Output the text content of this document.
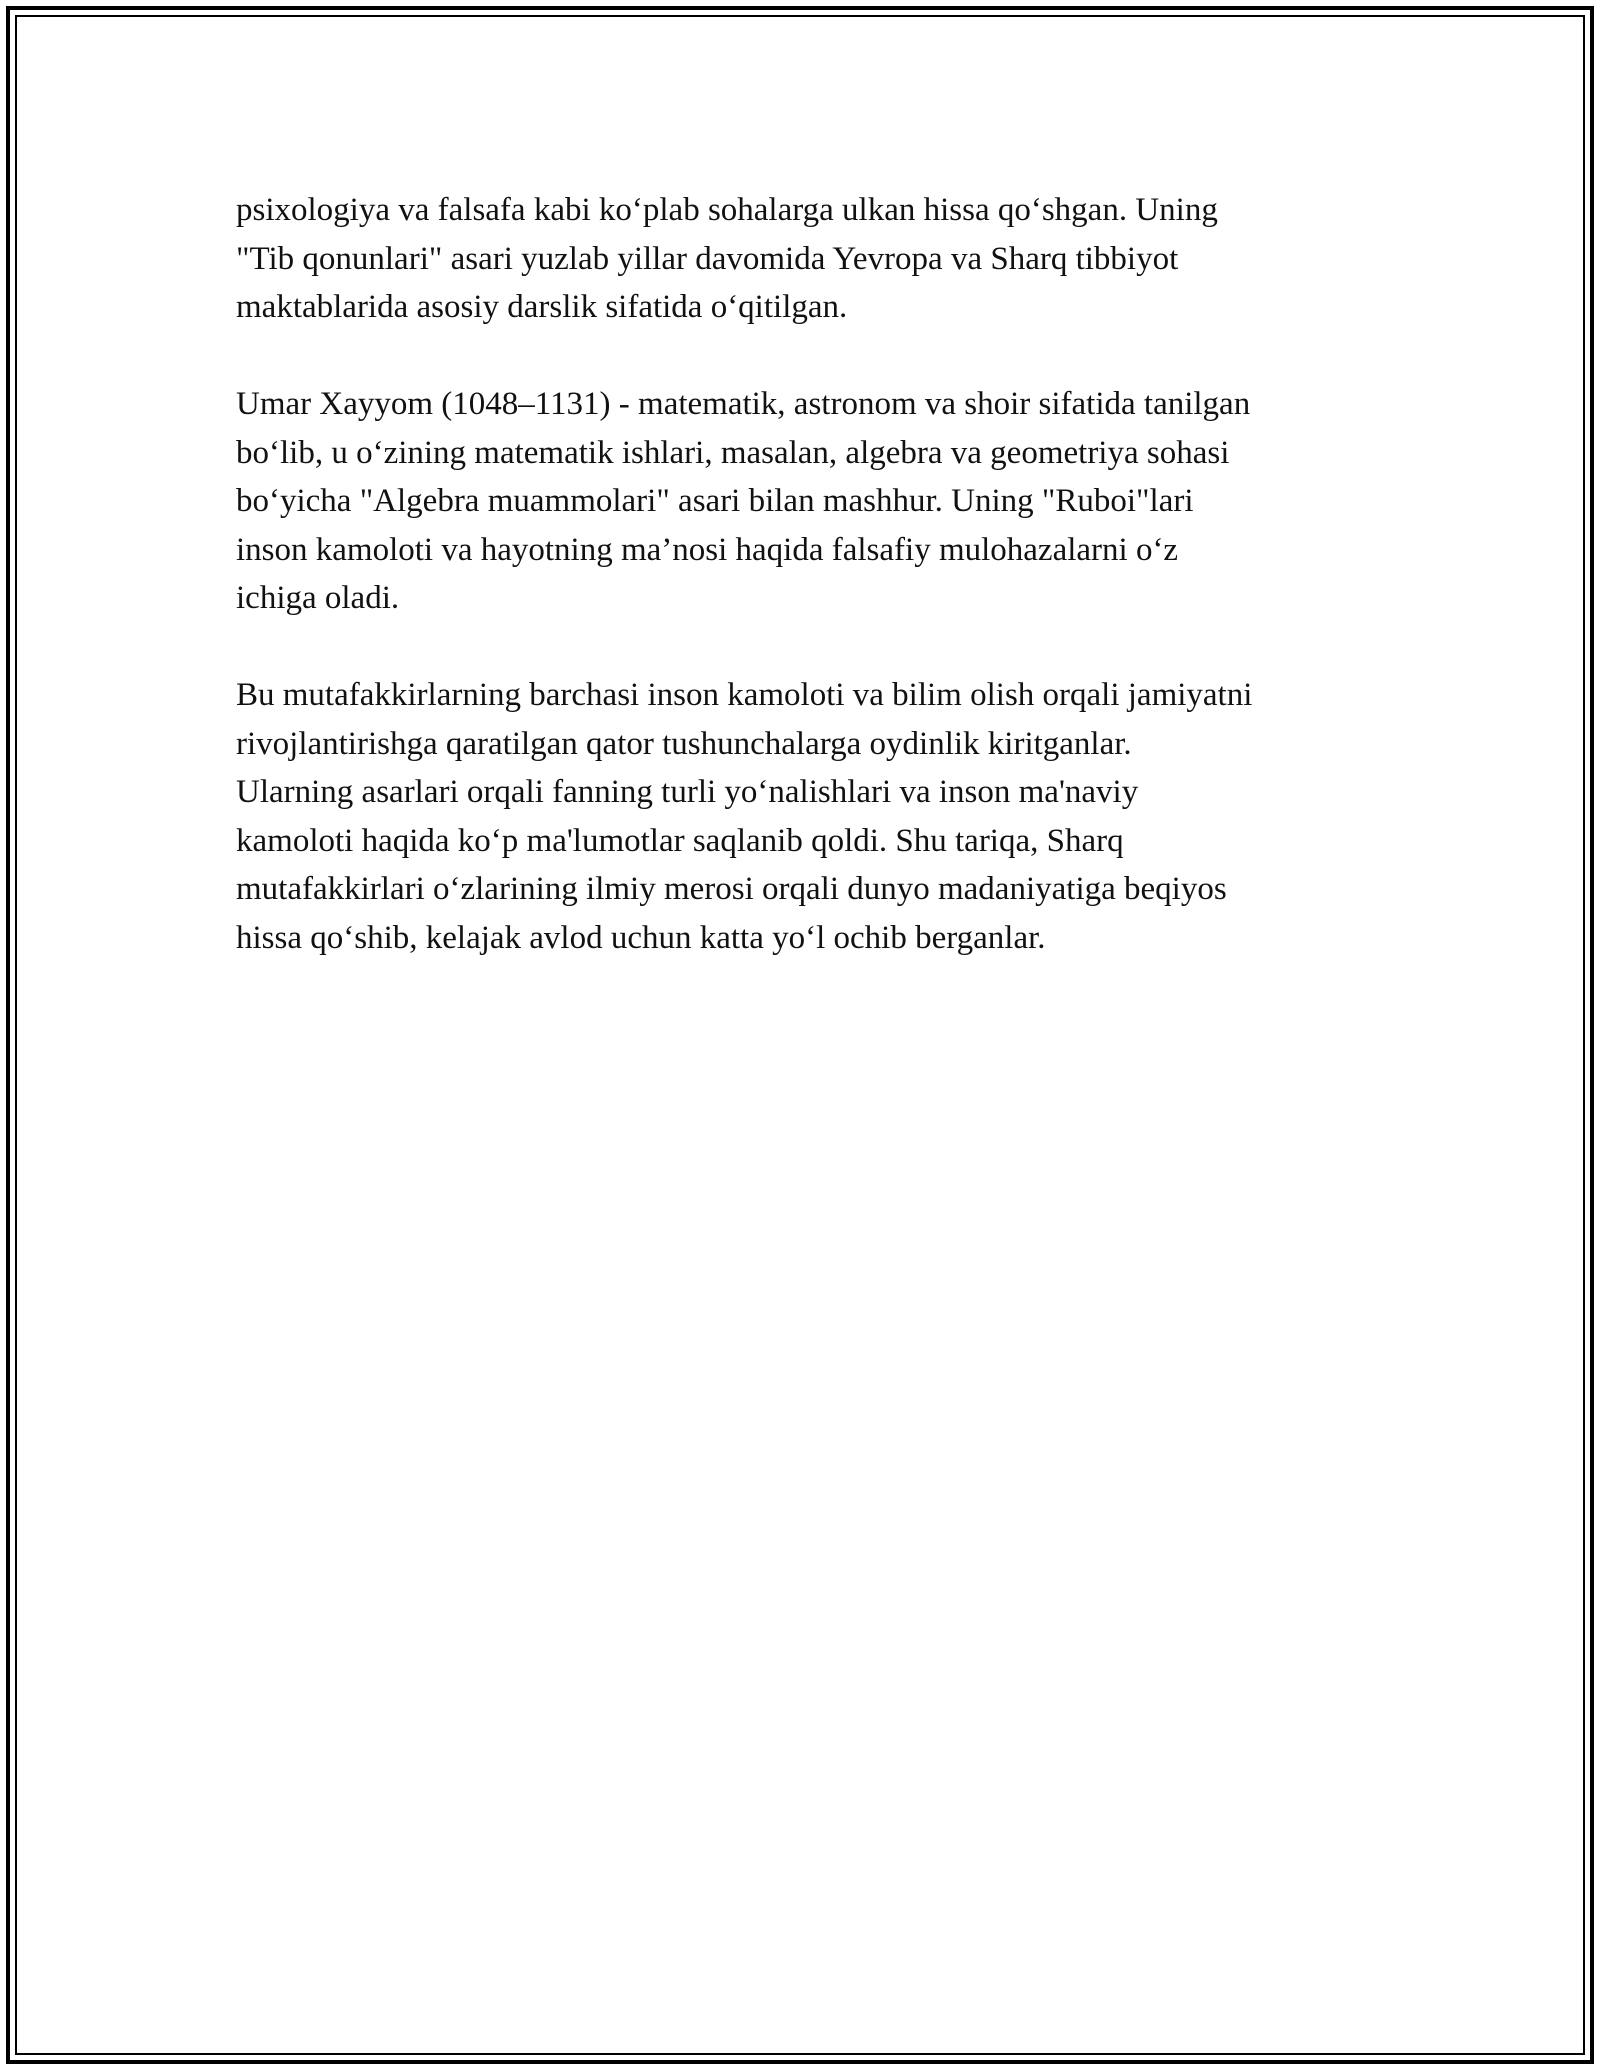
psixologiya va falsafa kabi ko‘plab sohalarga ulkan hissa qo‘shgan. Uning
"Tib qonunlari" asari yuzlab yillar davomida Yevropa va Sharq tibbiyot
maktablarida asosiy darslik sifatida o‘qitilgan.

Umar Xayyom (1048–1131) - matematik, astronom va shoir sifatida tanilgan
bo‘lib, u o‘zining matematik ishlari, masalan, algebra va geometriya sohasi
bo‘yicha "Algebra muammolari" asari bilan mashhur. Uning "Ruboi"lari
inson kamoloti va hayotning ma’nosi haqida falsafiy mulohazalarni o‘z
ichiga oladi.

Bu mutafakkirlarning barchasi inson kamoloti va bilim olish orqali jamiyatni
rivojlantirishga qaratilgan qator tushunchalarga oydinlik kiritganlar.
Ularning asarlari orqali fanning turli yo‘nalishlari va inson ma'naviy
kamoloti haqida ko‘p ma'lumotlar saqlanib qoldi. Shu tariqa, Sharq
mutafakkirlari o‘zlarining ilmiy merosi orqali dunyo madaniyatiga beqiyos
hissa qo‘shib, kelajak avlod uchun katta yo‘l ochib berganlar.
